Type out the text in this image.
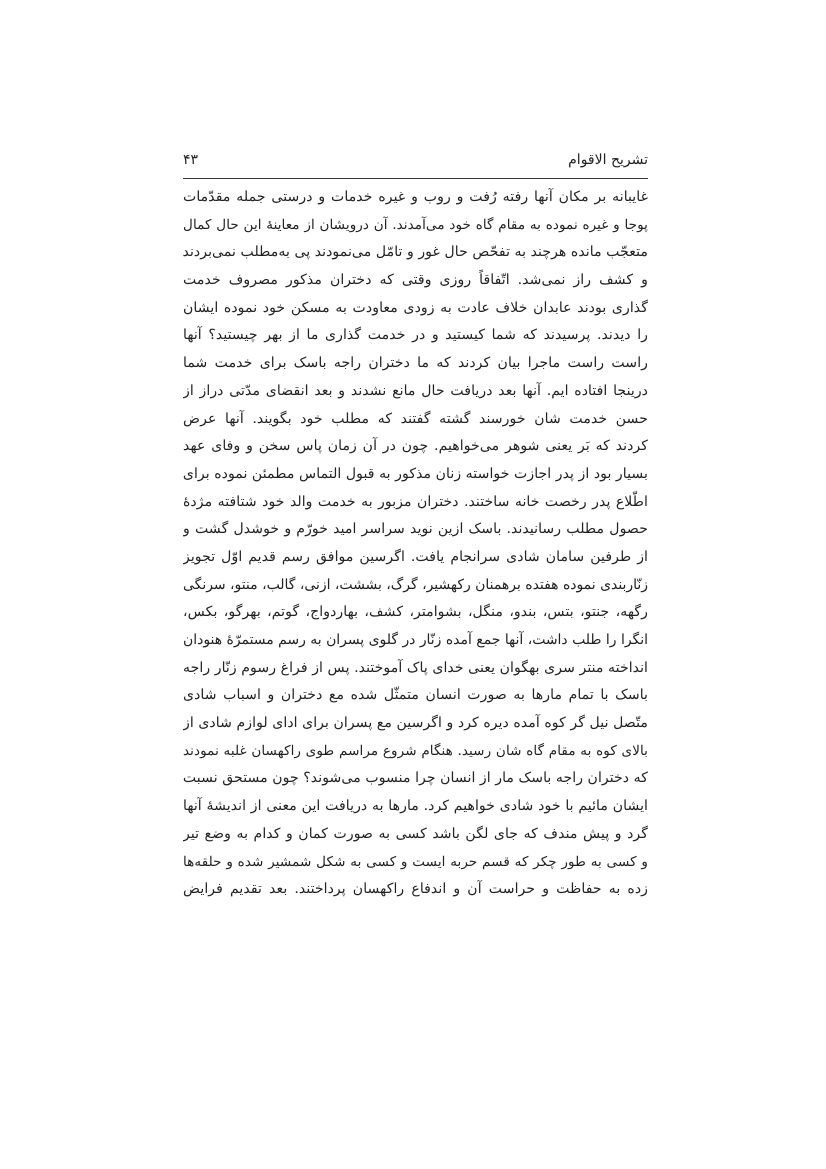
تشریح الاقوام
۴۳
غایبانه بر مکان آنها رفته رُفت و روب و غیره خدمات و درستی جمله مقدّمات
پوجا و غیره نموده به مقام گاه خود می‌آمدند. آن درویشان از معاینهٔ این حال کمال
متعجّب مانده هرچند به تفحّص حال غور و تامّل می‌نمودند پی به‌مطلب نمی‌بردند
و کشف راز نمی‌شد. اتّفاقاً روزی وقتی که دختران مذکور مصروف خدمت
گذاری بودند عابدان خلاف عادت به زودی معاودت به مسکن خود نموده ایشان
را دیدند. پرسیدند که شما کیستید و در خدمت گذاری ما از بهر چیستید؟ آنها
راست راست ماجرا بیان کردند که ما دختران راجه باسک برای خدمت شما
درینجا افتاده ایم. آنها بعد دریافت حال مانع نشدند و بعد انقضای مدّتی دراز از
حسن خدمت شان خورسند گشته گفتند که مطلب خود بگویند. آنها عرض
کردند که بَر یعنی شوهر می‌خواهیم. چون در آن زمان پاس سخن و وفای عهد
بسیار بود از پدر اجازت خواسته زنان مذکور به قبول التماس مطمئن نموده برای
اطّلاع پدر رخصت خانه ساختند. دختران مزبور به خدمت والد خود شتافته مژدهٔ
حصول مطلب رسانیدند. باسک ازین نوید سراسر امید خورّم و خوشدل گشت و
از طرفین سامان شادی سرانجام یافت. اگرسین موافق رسم قدیم اوّل تجویز
زنّاربندی نموده هفتده برهمنان رکهشیر، گرگ، بششت، ازنی، گالب، منتو، سرنگی
رگهه، جنتو، بتس، بندو، منگل، بشوامتر، کشف، بهاردواج، گوتم، بهرگو، بکس،
انگرا را طلب داشت، آنها جمع آمده زنّار در گلوی پسران به رسم مستمرّهٔ هنودان
انداخته منتر سری بهگوان یعنی خدای پاک آموختند. پس از فراغ رسوم زنّار راجه
باسک با تمام مارها به صورت انسان متمثّل شده مع دختران و اسباب شادی
متّصل نیل گر کوه آمده دیره کرد و اگرسین مع پسران برای ادای لوازم شادی از
بالای کوه به مقام گاه شان رسید. هنگام شروع مراسم طوی راکهسان غلبه نمودند
که دختران راجه باسک مار از انسان چرا منسوب می‌شوند؟ چون مستحق نسبت
ایشان مائیم با خود شادی خواهیم کرد. مارها به دریافت این معنی از اندیشهٔ آنها
گرد و پیش مندف که جای لگن باشد کسی به صورت کمان و کدام به وضع تیر
و کسی به طور چکر که قسم حربه ایست و کسی به شکل شمشیر شده و حلقه‌ها
زده به حفاظت و حراست آن و اندفاع راکهسان پرداختند. بعد تقدیم فرایض
